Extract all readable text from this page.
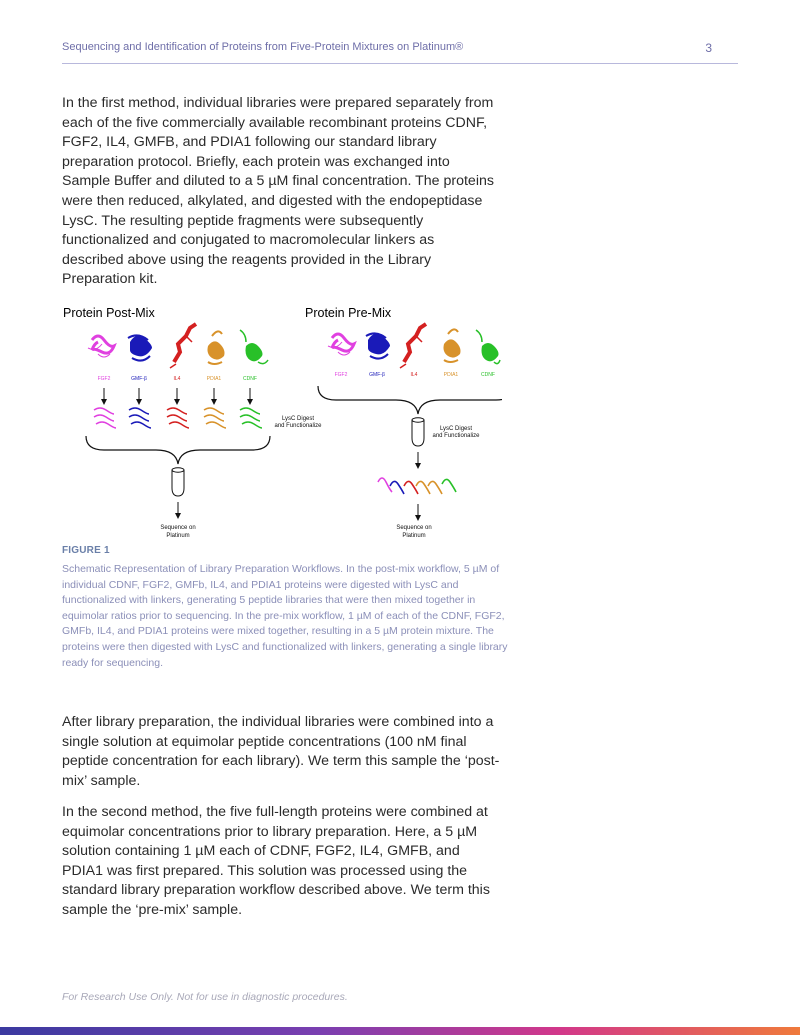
Sequencing and Identification of Proteins from Five-Protein Mixtures on Platinum®	3

In the first method, individual libraries were prepared separately from each of the five commercially available recombinant proteins CDNF, FGF2, IL4, GMFB, and PDIA1 following our standard library preparation protocol. Briefly, each protein was exchanged into Sample Buffer and diluted to a 5 µM final concentration. The proteins were then reduced, alkylated, and digested with the endopeptidase LysC. The resulting peptide fragments were subsequently functionalized and conjugated to macromolecular linkers as described above using the reagents provided in the Library Preparation kit.

Protein Post-Mix	Protein Pre-Mix
FGF2	GMF-β	IL4	PDIA1	CDNF
LysC Digest
and Functionalize
Sequence on
Platinum
FGF2	GMF-β	IL4	PDIA1	CDNF
LysC Digest
and Functionalize
Sequence on
Platinum
FIGURE 1

Schematic Representation of Library Preparation Workflows. In the post-mix workflow, 5 µM of individual CDNF, FGF2, GMFb, IL4, and PDIA1 proteins were digested with LysC and functionalized with linkers, generating 5 peptide libraries that were then mixed together in equimolar ratios prior to sequencing. In the pre-mix workflow, 1 µM of each of the CDNF, FGF2, GMFb, IL4, and PDIA1 proteins were mixed together, resulting in a 5 µM protein mixture. The proteins were then digested with LysC and functionalized with linkers, generating a single library ready for sequencing.

After library preparation, the individual libraries were combined into a single solution at equimolar peptide concentrations (100 nM final peptide concentration for each library). We term this sample the ‘post-mix’ sample.

In the second method, the five full-length proteins were combined at equimolar concentrations prior to library preparation. Here, a 5 µM solution containing 1 µM each of CDNF, FGF2, IL4, GMFB, and PDIA1 was first prepared. This solution was processed using the standard library preparation workflow described above. We term this sample the ‘pre-mix’ sample.

For Research Use Only. Not for use in diagnostic procedures.
